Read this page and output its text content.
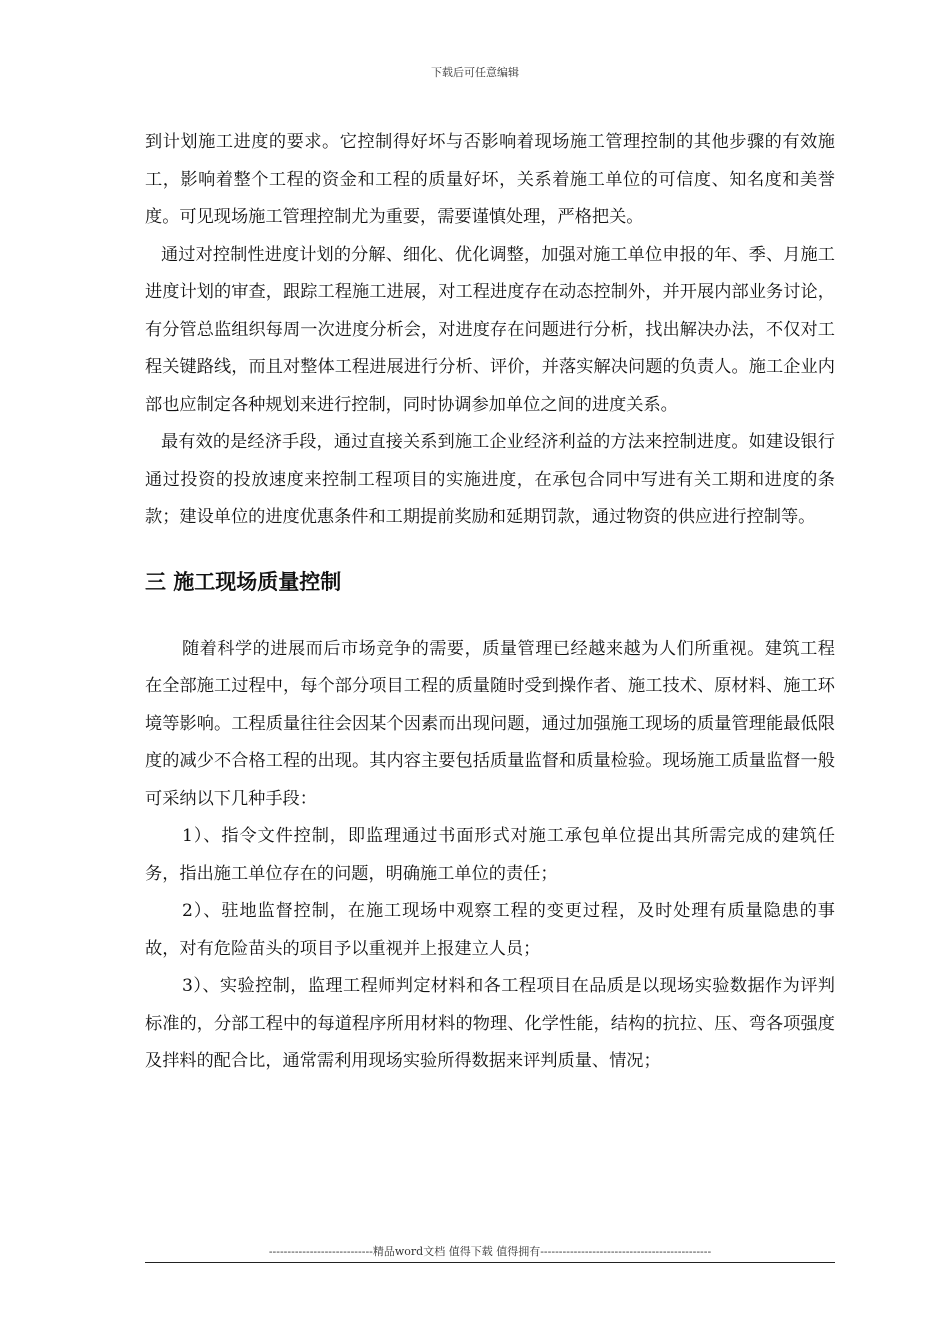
下载后可任意编辑

到计划施工进度的要求。它控制得好坏与否影响着现场施工管理控制的其他步骤的有效施工，影响着整个工程的资金和工程的质量好坏，关系着施工单位的可信度、知名度和美誉度。可见现场施工管理控制尤为重要，需要谨慎处理，严格把关。

通过对控制性进度计划的分解、细化、优化调整，加强对施工单位申报的年、季、月施工进度计划的审查，跟踪工程施工进展，对工程进度存在动态控制外，并开展内部业务讨论，有分管总监组织每周一次进度分析会，对进度存在问题进行分析，找出解决办法，不仅对工程关键路线，而且对整体工程进展进行分析、评价，并落实解决问题的负责人。施工企业内部也应制定各种规划来进行控制，同时协调参加单位之间的进度关系。

最有效的是经济手段，通过直接关系到施工企业经济利益的方法来控制进度。如建设银行通过投资的投放速度来控制工程项目的实施进度，在承包合同中写进有关工期和进度的条款；建设单位的进度优惠条件和工期提前奖励和延期罚款，通过物资的供应进行控制等。

三 施工现场质量控制

随着科学的进展而后市场竞争的需要，质量管理已经越来越为人们所重视。建筑工程在全部施工过程中，每个部分项目工程的质量随时受到操作者、施工技术、原材料、施工环境等影响。工程质量往往会因某个因素而出现问题，通过加强施工现场的质量管理能最低限度的减少不合格工程的出现。其内容主要包括质量监督和质量检验。现场施工质量监督一般可采纳以下几种手段：

1）、指令文件控制，即监理通过书面形式对施工承包单位提出其所需完成的建筑任务，指出施工单位存在的问题，明确施工单位的责任；

2）、驻地监督控制，在施工现场中观察工程的变更过程，及时处理有质量隐患的事故，对有危险苗头的项目予以重视并上报建立人员；

3）、实验控制，监理工程师判定材料和各工程项目在品质是以现场实验数据作为评判标准的，分部工程中的每道程序所用材料的物理、化学性能，结构的抗拉、压、弯各项强度及拌料的配合比，通常需利用现场实验所得数据来评判质量、情况；

----------------------------精品word文档 值得下载 值得拥有----------------------------------------------
